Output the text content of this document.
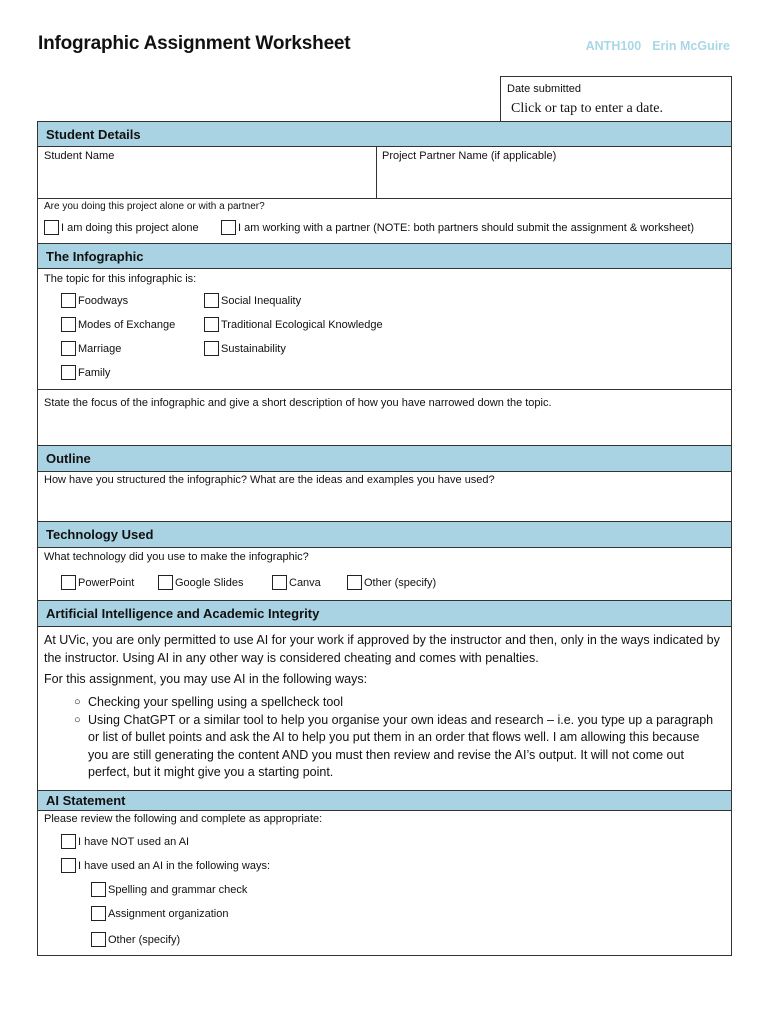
Infographic Assignment Worksheet	ANTH100 Erin McGuire
Date submitted
Click or tap to enter a date.
Student Details
Student Name	Project Partner Name (if applicable)
Are you doing this project alone or with a partner?
I am doing this project alone	I am working with a partner (NOTE: both partners should submit the assignment & worksheet)
The Infographic
The topic for this infographic is:
Foodways	Social Inequality
Modes of Exchange	Traditional Ecological Knowledge
Marriage	Sustainability
Family
State the focus of the infographic and give a short description of how you have narrowed down the topic.
Outline
How have you structured the infographic? What are the ideas and examples you have used?
Technology Used
What technology did you use to make the infographic?
PowerPoint	Google Slides	Canva	Other (specify)
Artificial Intelligence and Academic Integrity
At UVic, you are only permitted to use AI for your work if approved by the instructor and then, only in the ways indicated by the instructor. Using AI in any other way is considered cheating and comes with penalties.
For this assignment, you may use AI in the following ways:
○ Checking your spelling using a spellcheck tool
○ Using ChatGPT or a similar tool to help you organise your own ideas and research – i.e. you type up a paragraph or list of bullet points and ask the AI to help you put them in an order that flows well. I am allowing this because you are still generating the content AND you must then review and revise the AI’s output. It will not come out perfect, but it might give you a starting point.
AI Statement
Please review the following and complete as appropriate:
I have NOT used an AI
I have used an AI in the following ways:
Spelling and grammar check
Assignment organization
Other (specify)
